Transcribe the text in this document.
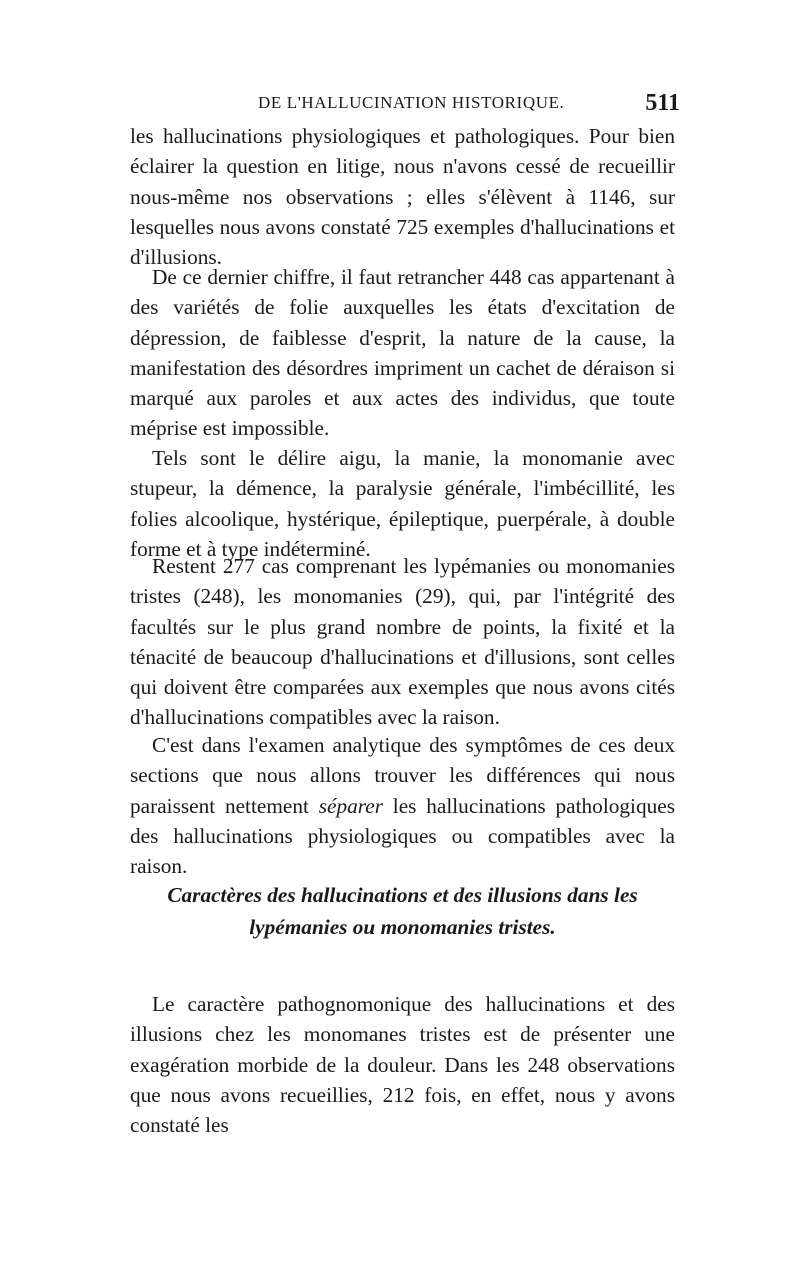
DE L'HALLUCINATION HISTORIQUE.	511

les hallucinations physiologiques et pathologiques. Pour bien éclairer la question en litige, nous n'avons cessé de recueillir nous-même nos observations ; elles s'élèvent à 1146, sur lesquelles nous avons constaté 725 exemples d'hallucinations et d'illusions.

De ce dernier chiffre, il faut retrancher 448 cas appartenant à des variétés de folie auxquelles les états d'excitation de dépression, de faiblesse d'esprit, la nature de la cause, la manifestation des désordres impriment un cachet de déraison si marqué aux paroles et aux actes des individus, que toute méprise est impossible.

Tels sont le délire aigu, la manie, la monomanie avec stupeur, la démence, la paralysie générale, l'imbécillité, les folies alcoolique, hystérique, épileptique, puerpérale, à double forme et à type indéterminé.

Restent 277 cas comprenant les lypémanies ou monomanies tristes (248), les monomanies (29), qui, par l'intégrité des facultés sur le plus grand nombre de points, la fixité et la ténacité de beaucoup d'hallucinations et d'illusions, sont celles qui doivent être comparées aux exemples que nous avons cités d'hallucinations compatibles avec la raison.

C'est dans l'examen analytique des symptômes de ces deux sections que nous allons trouver les différences qui nous paraissent nettement séparer les hallucinations pathologiques des hallucinations physiologiques ou compatibles avec la raison.

Caractères des hallucinations et des illusions dans les
lypémanies ou monomanies tristes.

Le caractère pathognomonique des hallucinations et des illusions chez les monomanes tristes est de présenter une exagération morbide de la douleur. Dans les 248 observations que nous avons recueillies, 212 fois, en effet, nous y avons constaté les
